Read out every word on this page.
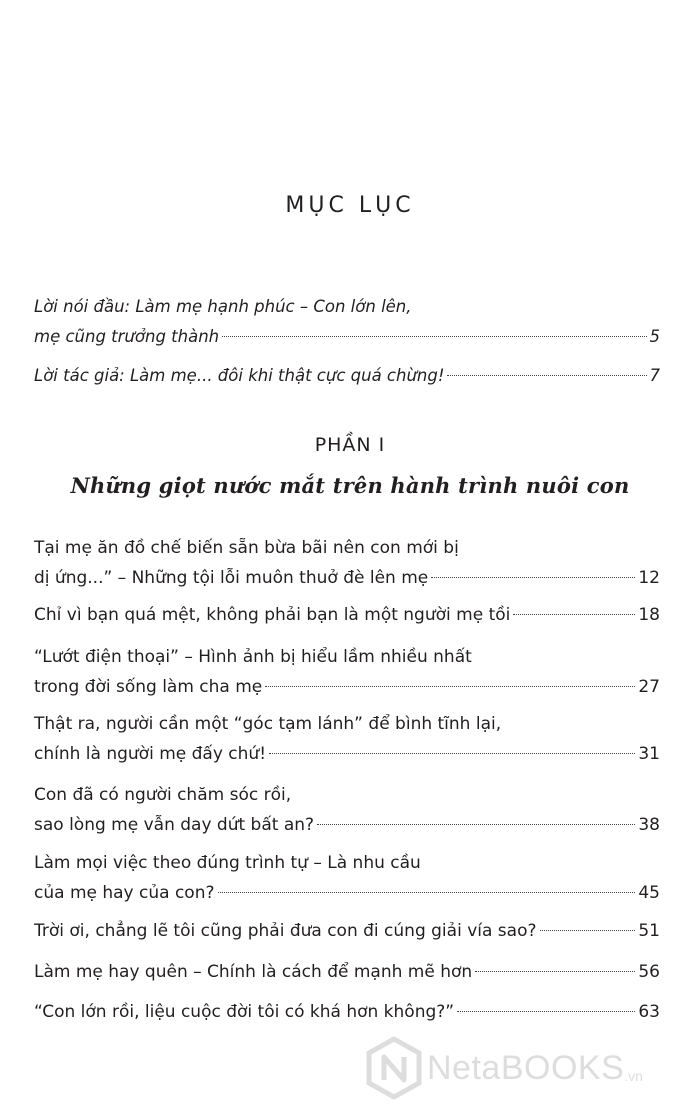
MỤC LỤC
Lời nói đầu: Làm mẹ hạnh phúc – Con lớn lên,
mẹ cũng trưởng thành	5
Lời tác giả: Làm mẹ... đôi khi thật cực quá chừng!	7
PHẦN I
Những giọt nước mắt trên hành trình nuôi con
Tại mẹ ăn đồ chế biến sẵn bừa bãi nên con mới bị
dị ứng...” – Những tội lỗi muôn thuở đè lên mẹ	12
Chỉ vì bạn quá mệt, không phải bạn là một người mẹ tồi	18
“Lướt điện thoại” – Hình ảnh bị hiểu lầm nhiều nhất
trong đời sống làm cha mẹ	27
Thật ra, người cần một “góc tạm lánh” để bình tĩnh lại,
chính là người mẹ đấy chứ!	31
Con đã có người chăm sóc rồi,
sao lòng mẹ vẫn day dứt bất an?	38
Làm mọi việc theo đúng trình tự – Là nhu cầu
của mẹ hay của con?	45
Trời ơi, chẳng lẽ tôi cũng phải đưa con đi cúng giải vía sao?	51
Làm mẹ hay quên – Chính là cách để mạnh mẽ hơn	56
“Con lớn rồi, liệu cuộc đời tôi có khá hơn không?”	63
NetaBOOKS .vn
